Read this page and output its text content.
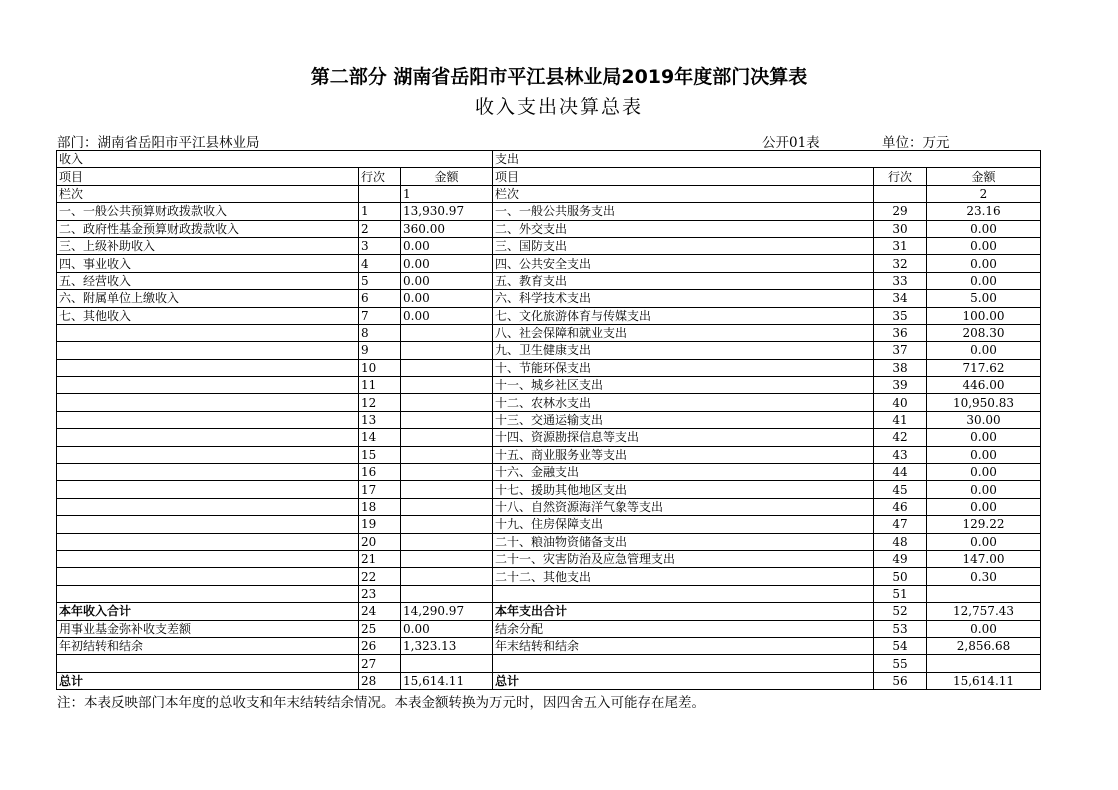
第二部分 湖南省岳阳市平江县林业局2019年度部门决算表
收入支出决算总表
部门：湖南省岳阳市平江县林业局	公开01表	单位：万元
收入			支出		
项目	行次	金额	项目	行次	金额
栏次		1	栏次		2
一、一般公共预算财政拨款收入	1	13,930.97	一、一般公共服务支出	29	23.16
二、政府性基金预算财政拨款收入	2	360.00	二、外交支出	30	0.00
三、上级补助收入	3	0.00	三、国防支出	31	0.00
四、事业收入	4	0.00	四、公共安全支出	32	0.00
五、经营收入	5	0.00	五、教育支出	33	0.00
六、附属单位上缴收入	6	0.00	六、科学技术支出	34	5.00
七、其他收入	7	0.00	七、文化旅游体育与传媒支出	35	100.00
	8		八、社会保障和就业支出	36	208.30
	9		九、卫生健康支出	37	0.00
	10		十、节能环保支出	38	717.62
	11		十一、城乡社区支出	39	446.00
	12		十二、农林水支出	40	10,950.83
	13		十三、交通运输支出	41	30.00
	14		十四、资源勘探信息等支出	42	0.00
	15		十五、商业服务业等支出	43	0.00
	16		十六、金融支出	44	0.00
	17		十七、援助其他地区支出	45	0.00
	18		十八、自然资源海洋气象等支出	46	0.00
	19		十九、住房保障支出	47	129.22
	20		二十、粮油物资储备支出	48	0.00
	21		二十一、灾害防治及应急管理支出	49	147.00
	22		二十二、其他支出	50	0.30
	23			51	
本年收入合计	24	14,290.97	本年支出合计	52	12,757.43
用事业基金弥补收支差额	25	0.00	结余分配	53	0.00
年初结转和结余	26	1,323.13	年末结转和结余	54	2,856.68
	27			55	
总计	28	15,614.11	总计	56	15,614.11
注：本表反映部门本年度的总收支和年末结转结余情况。本表金额转换为万元时，因四舍五入可能存在尾差。
